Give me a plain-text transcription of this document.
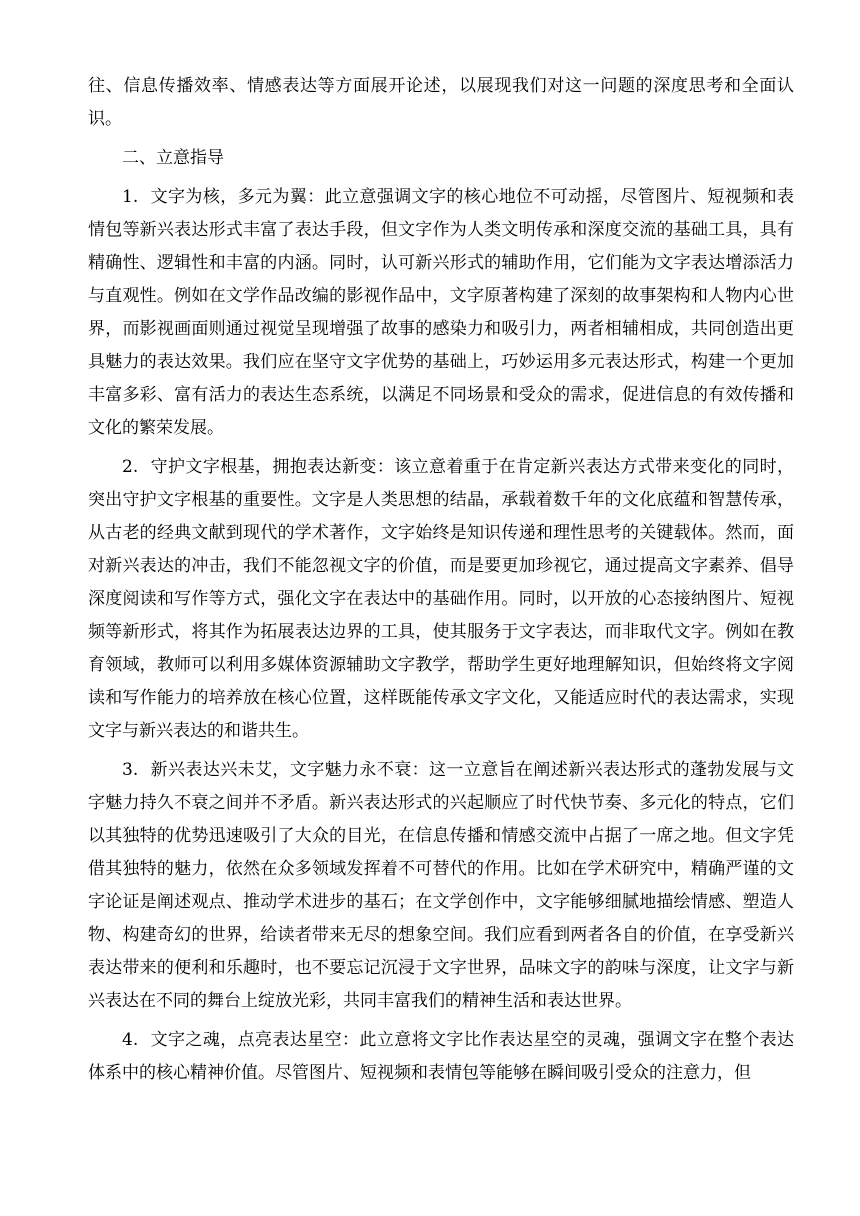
往、信息传播效率、情感表达等方面展开论述，以展现我们对这一问题的深度思考和全面认识。

二、立意指导

1. 文字为核，多元为翼：此立意强调文字的核心地位不可动摇，尽管图片、短视频和表情包等新兴表达形式丰富了表达手段，但文字作为人类文明传承和深度交流的基础工具，具有精确性、逻辑性和丰富的内涵。同时，认可新兴形式的辅助作用，它们能为文字表达增添活力与直观性。例如在文学作品改编的影视作品中，文字原著构建了深刻的故事架构和人物内心世界，而影视画面则通过视觉呈现增强了故事的感染力和吸引力，两者相辅相成，共同创造出更具魅力的表达效果。我们应在坚守文字优势的基础上，巧妙运用多元表达形式，构建一个更加丰富多彩、富有活力的表达生态系统，以满足不同场景和受众的需求，促进信息的有效传播和文化的繁荣发展。

2. 守护文字根基，拥抱表达新变：该立意着重于在肯定新兴表达方式带来变化的同时，突出守护文字根基的重要性。文字是人类思想的结晶，承载着数千年的文化底蕴和智慧传承，从古老的经典文献到现代的学术著作，文字始终是知识传递和理性思考的关键载体。然而，面对新兴表达的冲击，我们不能忽视文字的价值，而是要更加珍视它，通过提高文字素养、倡导深度阅读和写作等方式，强化文字在表达中的基础作用。同时，以开放的心态接纳图片、短视频等新形式，将其作为拓展表达边界的工具，使其服务于文字表达，而非取代文字。例如在教育领域，教师可以利用多媒体资源辅助文字教学，帮助学生更好地理解知识，但始终将文字阅读和写作能力的培养放在核心位置，这样既能传承文字文化，又能适应时代的表达需求，实现文字与新兴表达的和谐共生。

3. 新兴表达兴未艾，文字魅力永不衰：这一立意旨在阐述新兴表达形式的蓬勃发展与文字魅力持久不衰之间并不矛盾。新兴表达形式的兴起顺应了时代快节奏、多元化的特点，它们以其独特的优势迅速吸引了大众的目光，在信息传播和情感交流中占据了一席之地。但文字凭借其独特的魅力，依然在众多领域发挥着不可替代的作用。比如在学术研究中，精确严谨的文字论证是阐述观点、推动学术进步的基石；在文学创作中，文字能够细腻地描绘情感、塑造人物、构建奇幻的世界，给读者带来无尽的想象空间。我们应看到两者各自的价值，在享受新兴表达带来的便利和乐趣时，也不要忘记沉浸于文字世界，品味文字的韵味与深度，让文字与新兴表达在不同的舞台上绽放光彩，共同丰富我们的精神生活和表达世界。

4. 文字之魂，点亮表达星空：此立意将文字比作表达星空的灵魂，强调文字在整个表达体系中的核心精神价值。尽管图片、短视频和表情包等能够在瞬间吸引受众的注意力，但
